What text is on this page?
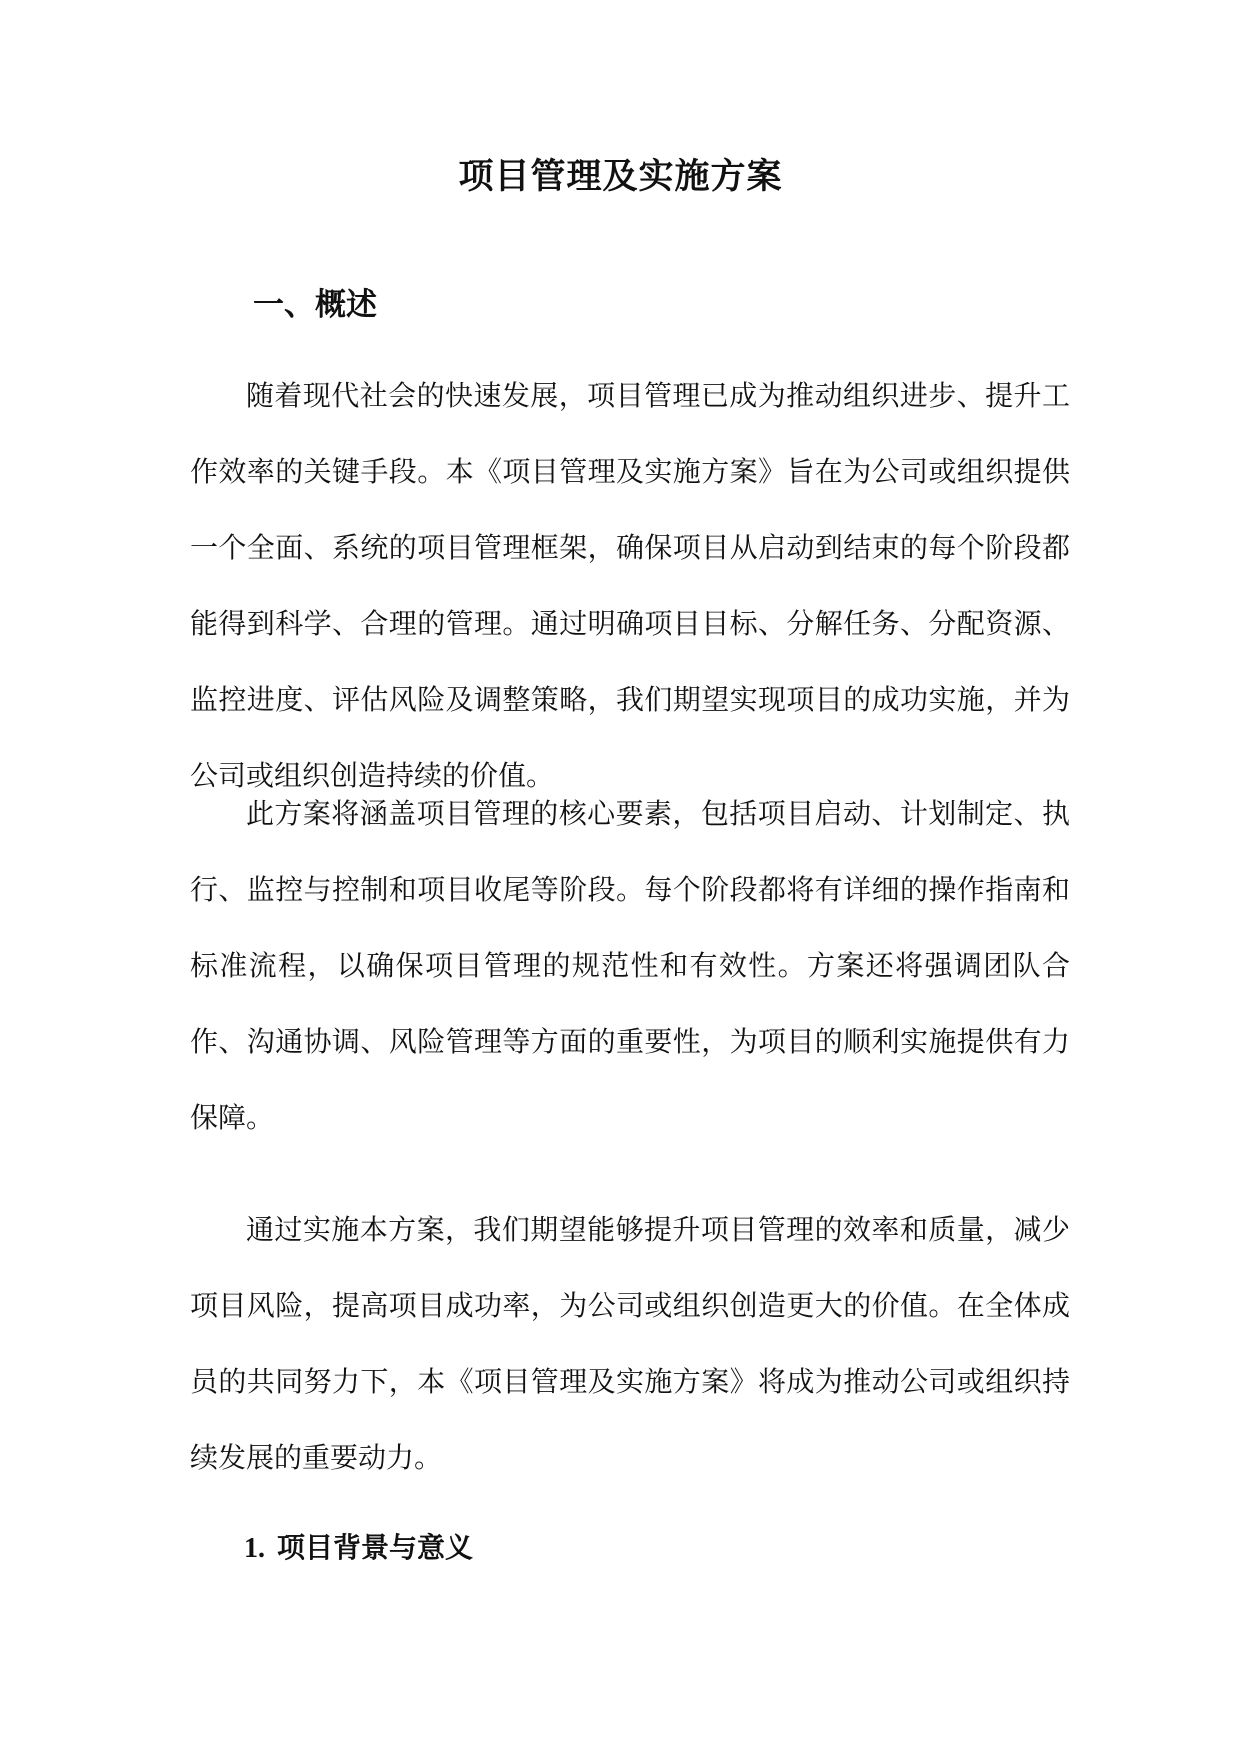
项目管理及实施方案
一、概述

随着现代社会的快速发展，项目管理已成为推动组织进步、提升工作效率的关键手段。本《项目管理及实施方案》旨在为公司或组织提供一个全面、系统的项目管理框架，确保项目从启动到结束的每个阶段都能得到科学、合理的管理。通过明确项目目标、分解任务、分配资源、监控进度、评估风险及调整策略，我们期望实现项目的成功实施，并为公司或组织创造持续的价值。

此方案将涵盖项目管理的核心要素，包括项目启动、计划制定、执行、监控与控制和项目收尾等阶段。每个阶段都将有详细的操作指南和标准流程，以确保项目管理的规范性和有效性。方案还将强调团队合作、沟通协调、风险管理等方面的重要性，为项目的顺利实施提供有力保障。

通过实施本方案，我们期望能够提升项目管理的效率和质量，减少项目风险，提高项目成功率，为公司或组织创造更大的价值。在全体成员的共同努力下，本《项目管理及实施方案》将成为推动公司或组织持续发展的重要动力。

1. 项目背景与意义
